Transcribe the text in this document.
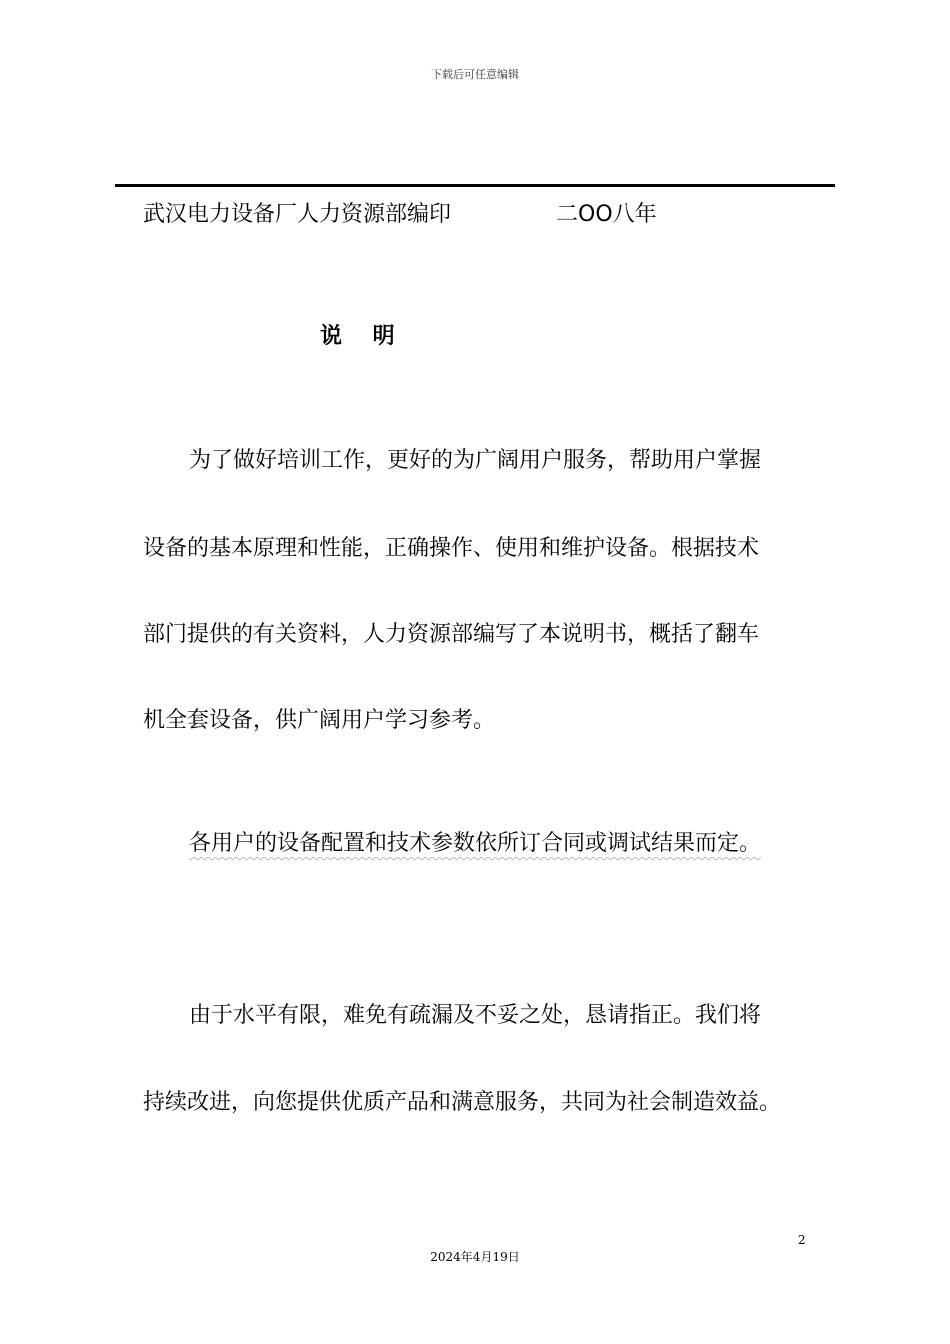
下载后可任意编辑
武汉电力设备厂人力资源部编印	二OO八年
说    明
为了做好培训工作，更好的为广阔用户服务，帮助用户掌握
设备的基本原理和性能，正确操作、使用和维护设备。根据技术
部门提供的有关资料，人力资源部编写了本说明书，概括了翻车
机全套设备，供广阔用户学习参考。
各用户的设备配置和技术参数依所订合同或调试结果而定。
由于水平有限，难免有疏漏及不妥之处，恳请指正。我们将
持续改进，向您提供优质产品和满意服务，共同为社会制造效益。
2
2024年4月19日
